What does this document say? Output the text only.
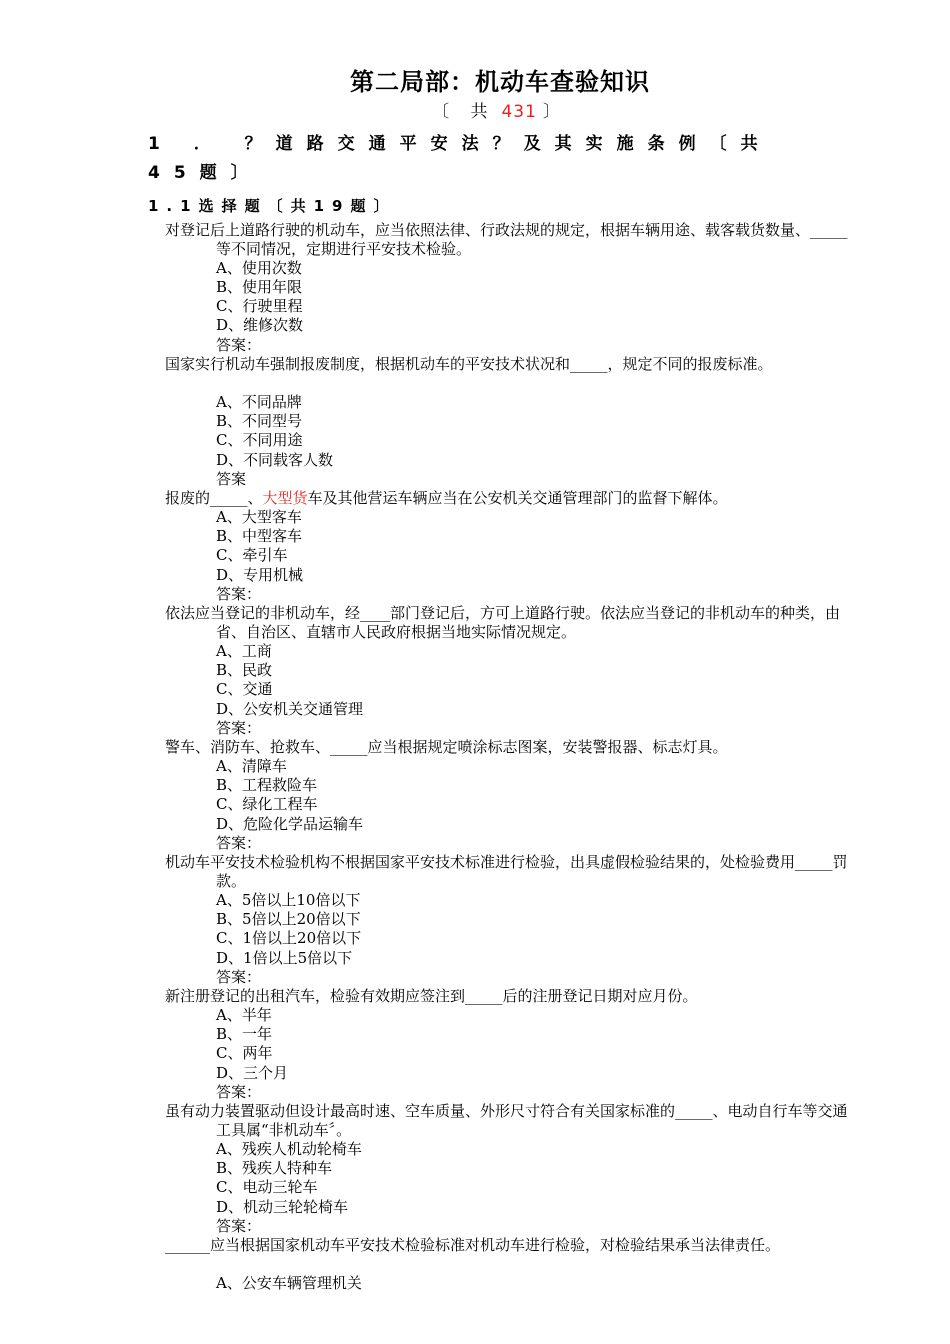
第二局部：机动车查验知识
〔 共 431 〕
1 ． ？道路交通平安法？及其实施条例〔共45题〕
1.1选择题〔共19题〕
对登记后上道路行驶的机动车，应当依照法律、行政法规的规定，根据车辆用途、载客载货数量、_____等不同情况，定期进行平安技术检验。
A、使用次数
B、使用年限
C、行驶里程
D、维修次数
答案：
国家实行机动车强制报废制度，根据机动车的平安技术状况和_____，规定不同的报废标准。
A、不同品牌
B、不同型号
C、不同用途
D、不同载客人数
答案
报废的_____、大型货车及其他营运车辆应当在公安机关交通管理部门的监督下解体。
A、大型客车
B、中型客车
C、牵引车
D、专用机械
答案：
依法应当登记的非机动车，经____部门登记后，方可上道路行驶。依法应当登记的非机动车的种类，由省、自治区、直辖市人民政府根据当地实际情况规定。
A、工商
B、民政
C、交通
D、公安机关交通管理
答案：
警车、消防车、抢救车、_____应当根据规定喷涂标志图案，安装警报器、标志灯具。
A、清障车
B、工程救险车
C、绿化工程车
D、危险化学品运输车
答案：
机动车平安技术检验机构不根据国家平安技术标准进行检验，出具虚假检验结果的，处检验费用_____罚款。
A、5倍以上10倍以下
B、5倍以上20倍以下
C、1倍以上20倍以下
D、1倍以上5倍以下
答案：
新注册登记的出租汽车，检验有效期应签注到_____后的注册登记日期对应月份。
A、半年
B、一年
C、两年
D、三个月
答案：
虽有动力装置驱动但设计最高时速、空车质量、外形尺寸符合有关国家标准的_____、电动自行车等交通工具属“非机动车〞。
A、残疾人机动轮椅车
B、残疾人特种车
C、电动三轮车
D、机动三轮轮椅车
答案：
______应当根据国家机动车平安技术检验标准对机动车进行检验，对检验结果承当法律责任。
A、公安车辆管理机关
